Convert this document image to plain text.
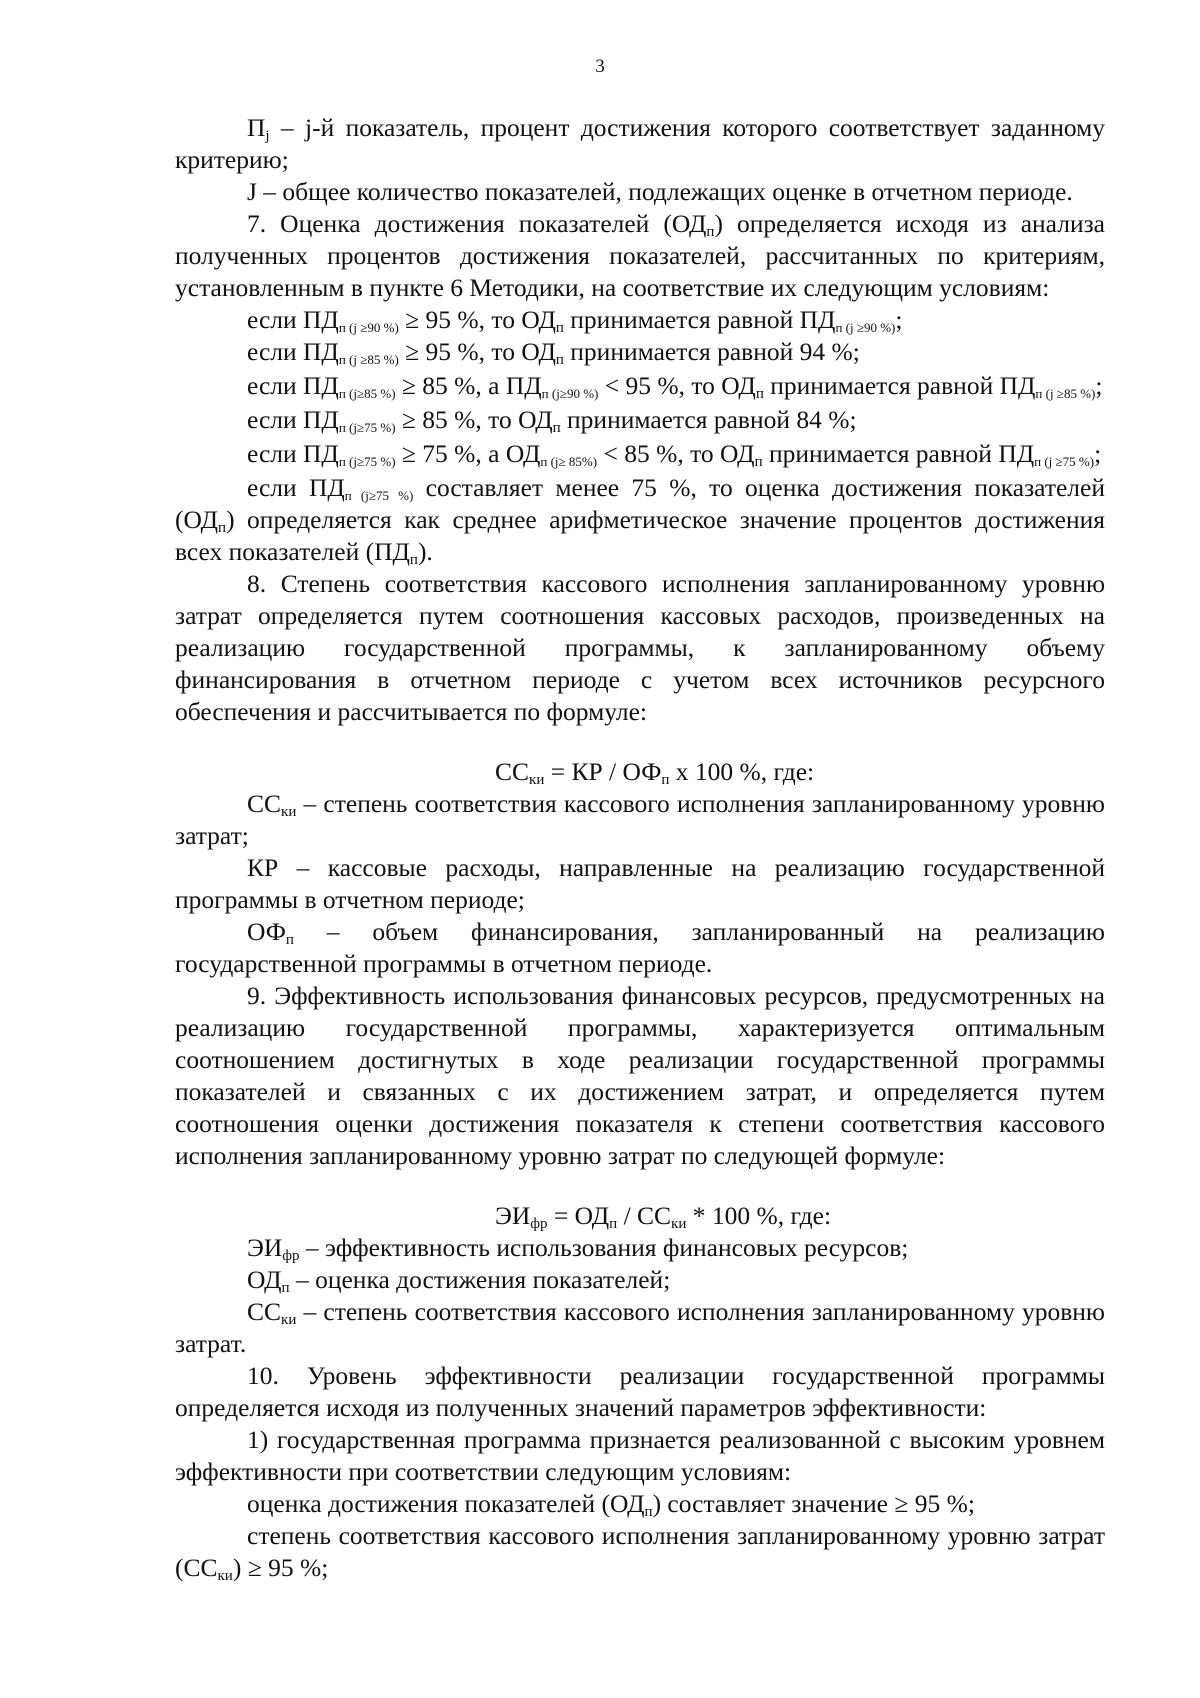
3

$П_j - j-й$ показатель, процент достижения которого соответствует заданному критерию;

J – общее количество показателей, подлежащих оценке в отчетном периоде.

7. Оценка достижения показателей $(ОД_п)$ определяется исходя из анализа полученных процентов достижения показателей, рассчитанных по критериям, установленным в пункте 6 Методики, на соответствие их следующим условиям:

если ПДп (j ≥90 %) ≥ 95 %, то $ОД_п$ принимается равной ПДп (j ≥90 %);

если ПДп (j ≥85 %) ≥ 95 %, то $ОД_п$ принимается равной 94 %;

если ПДп (j≥85 %) ≥ 85 %, а ПДп (j≥90 %) < 95 %, то $ОД_п$ принимается равной ПДп (j ≥85 %);

если ПДп (j≥75 %) ≥ 85 %, то $ОД_п$ принимается равной 84 %;

если ПДп (j≥75 %) ≥ 75 %, а ОДп (j≥ 85%) < 85 %, то $ОД_п$ принимается равной ПДп (j ≥75 %);

если ПДп (j≥75 %) составляет менее 75 %, то оценка достижения показателей $(ОД_п)$ определяется как среднее арифметическое значение процентов достижения всех показателей $(ПД_п)$.

8. Степень соответствия кассового исполнения запланированному уровню затрат определяется путем соотношения кассовых расходов, произведенных на реализацию государственной программы, к запланированному объему финансирования в отчетном периоде с учетом всех источников ресурсного обеспечения и рассчитывается по формуле:

$СС_{ки}$ = КР / $ОФ_п$ х 100 %, где:

$СС_{ки}$ – степень соответствия кассового исполнения запланированному уровню затрат;

КР – кассовые расходы, направленные на реализацию государственной программы в отчетном периоде;

$ОФ_п$ – объем финансирования, запланированный на реализацию государственной программы в отчетном периоде.

9. Эффективность использования финансовых ресурсов, предусмотренных на реализацию государственной программы, характеризуется оптимальным соотношением достигнутых в ходе реализации государственной программы показателей и связанных с их достижением затрат, и определяется путем соотношения оценки достижения показателя к степени соответствия кассового исполнения запланированному уровню затрат по следующей формуле:

$ЭИ_{фр} = ОД_п / СС_{ки} * 100$ %, где:

$ЭИ_{фр}$ – эффективность использования финансовых ресурсов;

$ОД_п$ – оценка достижения показателей;

$СС_{ки}$ – степень соответствия кассового исполнения запланированному уровню затрат.

10. Уровень эффективности реализации государственной программы определяется исходя из полученных значений параметров эффективности:

1) государственная программа признается реализованной с высоким уровнем эффективности при соответствии следующим условиям:

оценка достижения показателей $(ОД_п)$ составляет значение ≥ 95 %;

степень соответствия кассового исполнения запланированному уровню затрат $(СС_{ки}) \ge 95$ %;
